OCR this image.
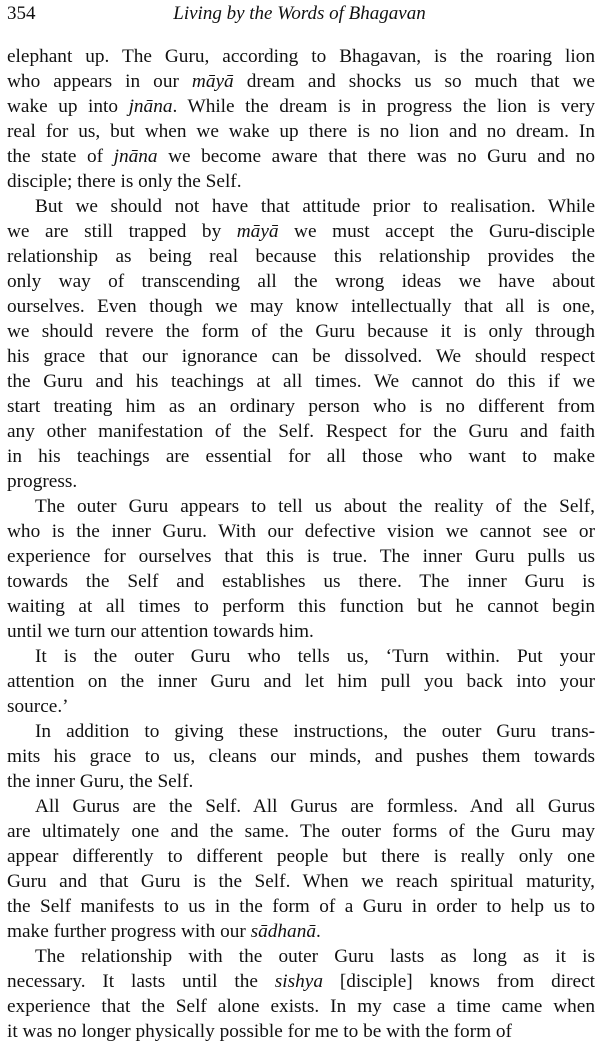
354	Living by the Words of Bhagavan
elephant up. The Guru, according to Bhagavan, is the roaring lion
who appears in our māyā dream and shocks us so much that we
wake up into jnāna. While the dream is in progress the lion is very
real for us, but when we wake up there is no lion and no dream. In
the state of jnāna we become aware that there was no Guru and no
disciple; there is only the Self.
But we should not have that attitude prior to realisation. While
we are still trapped by māyā we must accept the Guru-disciple
relationship as being real because this relationship provides the
only way of transcending all the wrong ideas we have about
ourselves. Even though we may know intellectually that all is one,
we should revere the form of the Guru because it is only through
his grace that our ignorance can be dissolved. We should respect
the Guru and his teachings at all times. We cannot do this if we
start treating him as an ordinary person who is no different from
any other manifestation of the Self. Respect for the Guru and faith
in his teachings are essential for all those who want to make
progress.
The outer Guru appears to tell us about the reality of the Self,
who is the inner Guru. With our defective vision we cannot see or
experience for ourselves that this is true. The inner Guru pulls us
towards the Self and establishes us there. The inner Guru is
waiting at all times to perform this function but he cannot begin
until we turn our attention towards him.
It is the outer Guru who tells us, ‘Turn within. Put your
attention on the inner Guru and let him pull you back into your
source.’
In addition to giving these instructions, the outer Guru trans-
mits his grace to us, cleans our minds, and pushes them towards
the inner Guru, the Self.
All Gurus are the Self. All Gurus are formless. And all Gurus
are ultimately one and the same. The outer forms of the Guru may
appear differently to different people but there is really only one
Guru and that Guru is the Self. When we reach spiritual maturity,
the Self manifests to us in the form of a Guru in order to help us to
make further progress with our sādhanā.
The relationship with the outer Guru lasts as long as it is
necessary. It lasts until the sishya [disciple] knows from direct
experience that the Self alone exists. In my case a time came when
it was no longer physically possible for me to be with the form of
